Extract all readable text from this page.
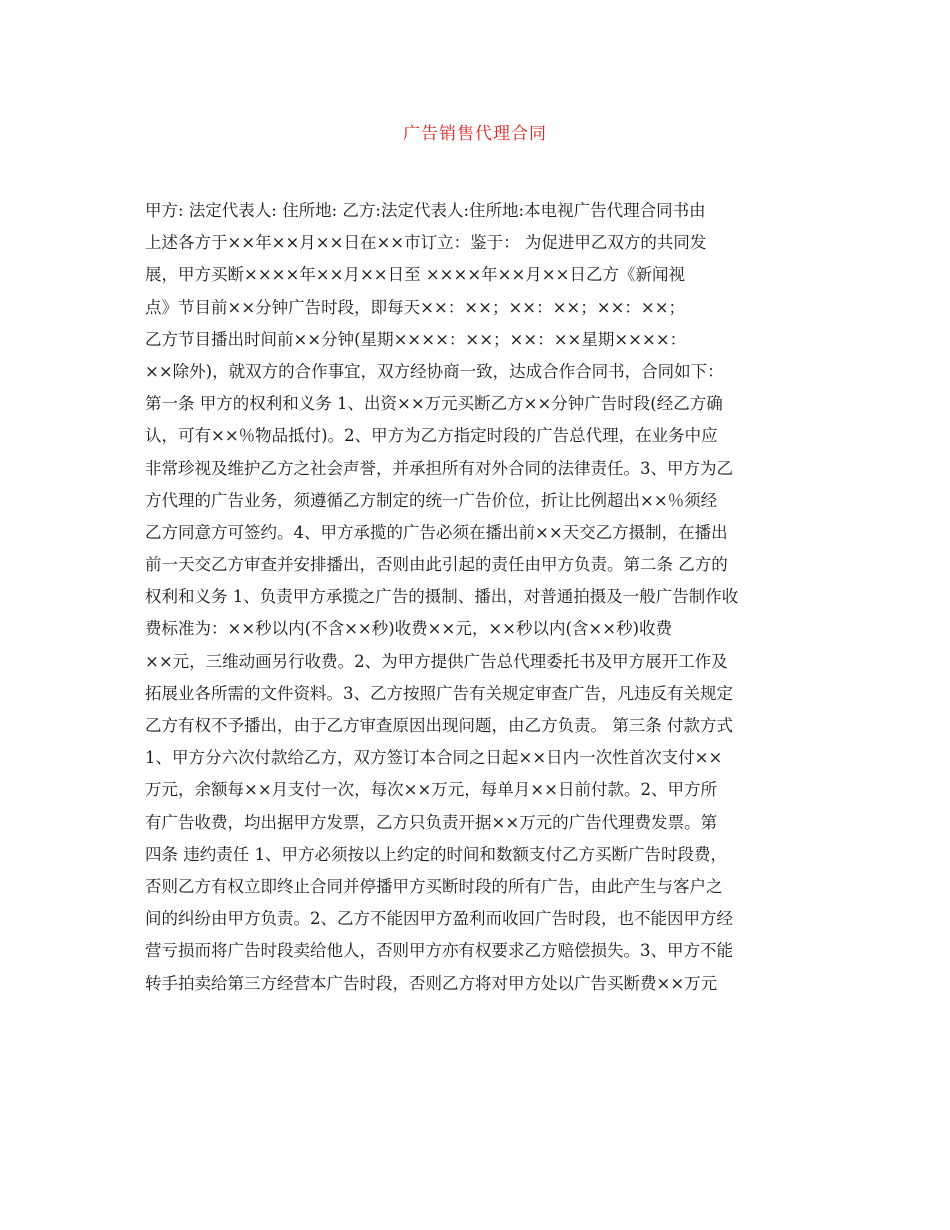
广告销售代理合同
甲方: 法定代表人: 住所地: 乙方:法定代表人:住所地:本电视广告代理合同书由
上述各方于××年××月××日在××市订立：鉴于： 为促进甲乙双方的共同发
展，甲方买断××××年××月××日至 ××××年××月××日乙方《新闻视
点》节目前××分钟广告时段，即每天××：××；××：××；××：××；
乙方节目播出时间前××分钟(星期××××：××；××：××星期××××：
××除外)，就双方的合作事宜，双方经协商一致，达成合作合同书，合同如下：
第一条 甲方的权利和义务 1、出资××万元买断乙方××分钟广告时段(经乙方确
认，可有××％物品抵付)。2、甲方为乙方指定时段的广告总代理，在业务中应
非常珍视及维护乙方之社会声誉，并承担所有对外合同的法律责任。3、甲方为乙
方代理的广告业务，须遵循乙方制定的统一广告价位，折让比例超出××％须经
乙方同意方可签约。4、甲方承揽的广告必须在播出前××天交乙方摄制，在播出
前一天交乙方审查并安排播出，否则由此引起的责任由甲方负责。第二条 乙方的
权利和义务 1、负责甲方承揽之广告的摄制、播出，对普通拍摄及一般广告制作收
费标准为：××秒以内(不含××秒)收费××元，××秒以内(含××秒)收费
××元，三维动画另行收费。2、为甲方提供广告总代理委托书及甲方展开工作及
拓展业各所需的文件资料。3、乙方按照广告有关规定审查广告，凡违反有关规定
乙方有权不予播出，由于乙方审查原因出现问题，由乙方负责。 第三条 付款方式
1、甲方分六次付款给乙方，双方签订本合同之日起××日内一次性首次支付××
万元，余额每××月支付一次，每次××万元，每单月××日前付款。2、甲方所
有广告收费，均出据甲方发票，乙方只负责开据××万元的广告代理费发票。第
四条 违约责任 1、甲方必须按以上约定的时间和数额支付乙方买断广告时段费，
否则乙方有权立即终止合同并停播甲方买断时段的所有广告，由此产生与客户之
间的纠纷由甲方负责。2、乙方不能因甲方盈利而收回广告时段，也不能因甲方经
营亏损而将广告时段卖给他人，否则甲方亦有权要求乙方赔偿损失。3、甲方不能
转手拍卖给第三方经营本广告时段，否则乙方将对甲方处以广告买断费××万元
